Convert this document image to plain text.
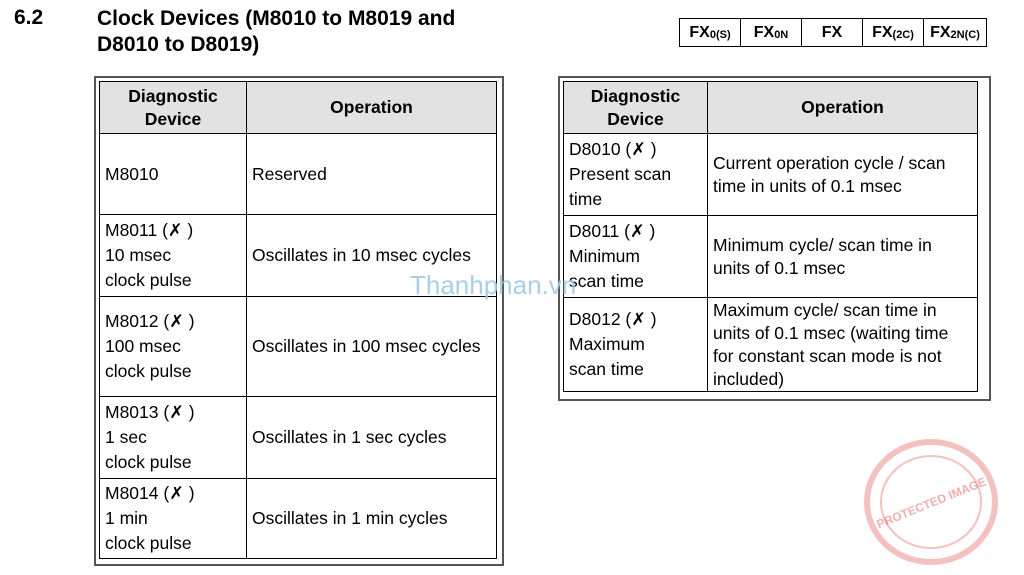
6.2	Clock Devices (M8010 to M8019 and
D8010 to D8019)
FX 0(S) FX 0N FX FX (2C) FX 2N(C)
Diagnostic
Device	Operation

M8010	Reserved

M8011 (✗ )
10 msec
clock pulse	Oscillates in 10 msec cycles

M8012 (✗ )
100 msec
clock pulse	Oscillates in 100 msec cycles

M8013 (✗ )
1 sec
clock pulse	Oscillates in 1 sec cycles

M8014 (✗ )
1 min
clock pulse	Oscillates in 1 min cycles
Diagnostic
Device	Operation

D8010 (✗ )
Present scan
time	Current operation cycle / scan time in units of 0.1 msec

D8011 (✗ )
Minimum
scan time	Minimum cycle/ scan time in units of 0.1 msec

D8012 (✗ )
Maximum
scan time	Maximum cycle/ scan time in units of 0.1 msec (waiting time for constant scan mode is not included)
Thanhphan.vn
PROTECTED IMAGE
